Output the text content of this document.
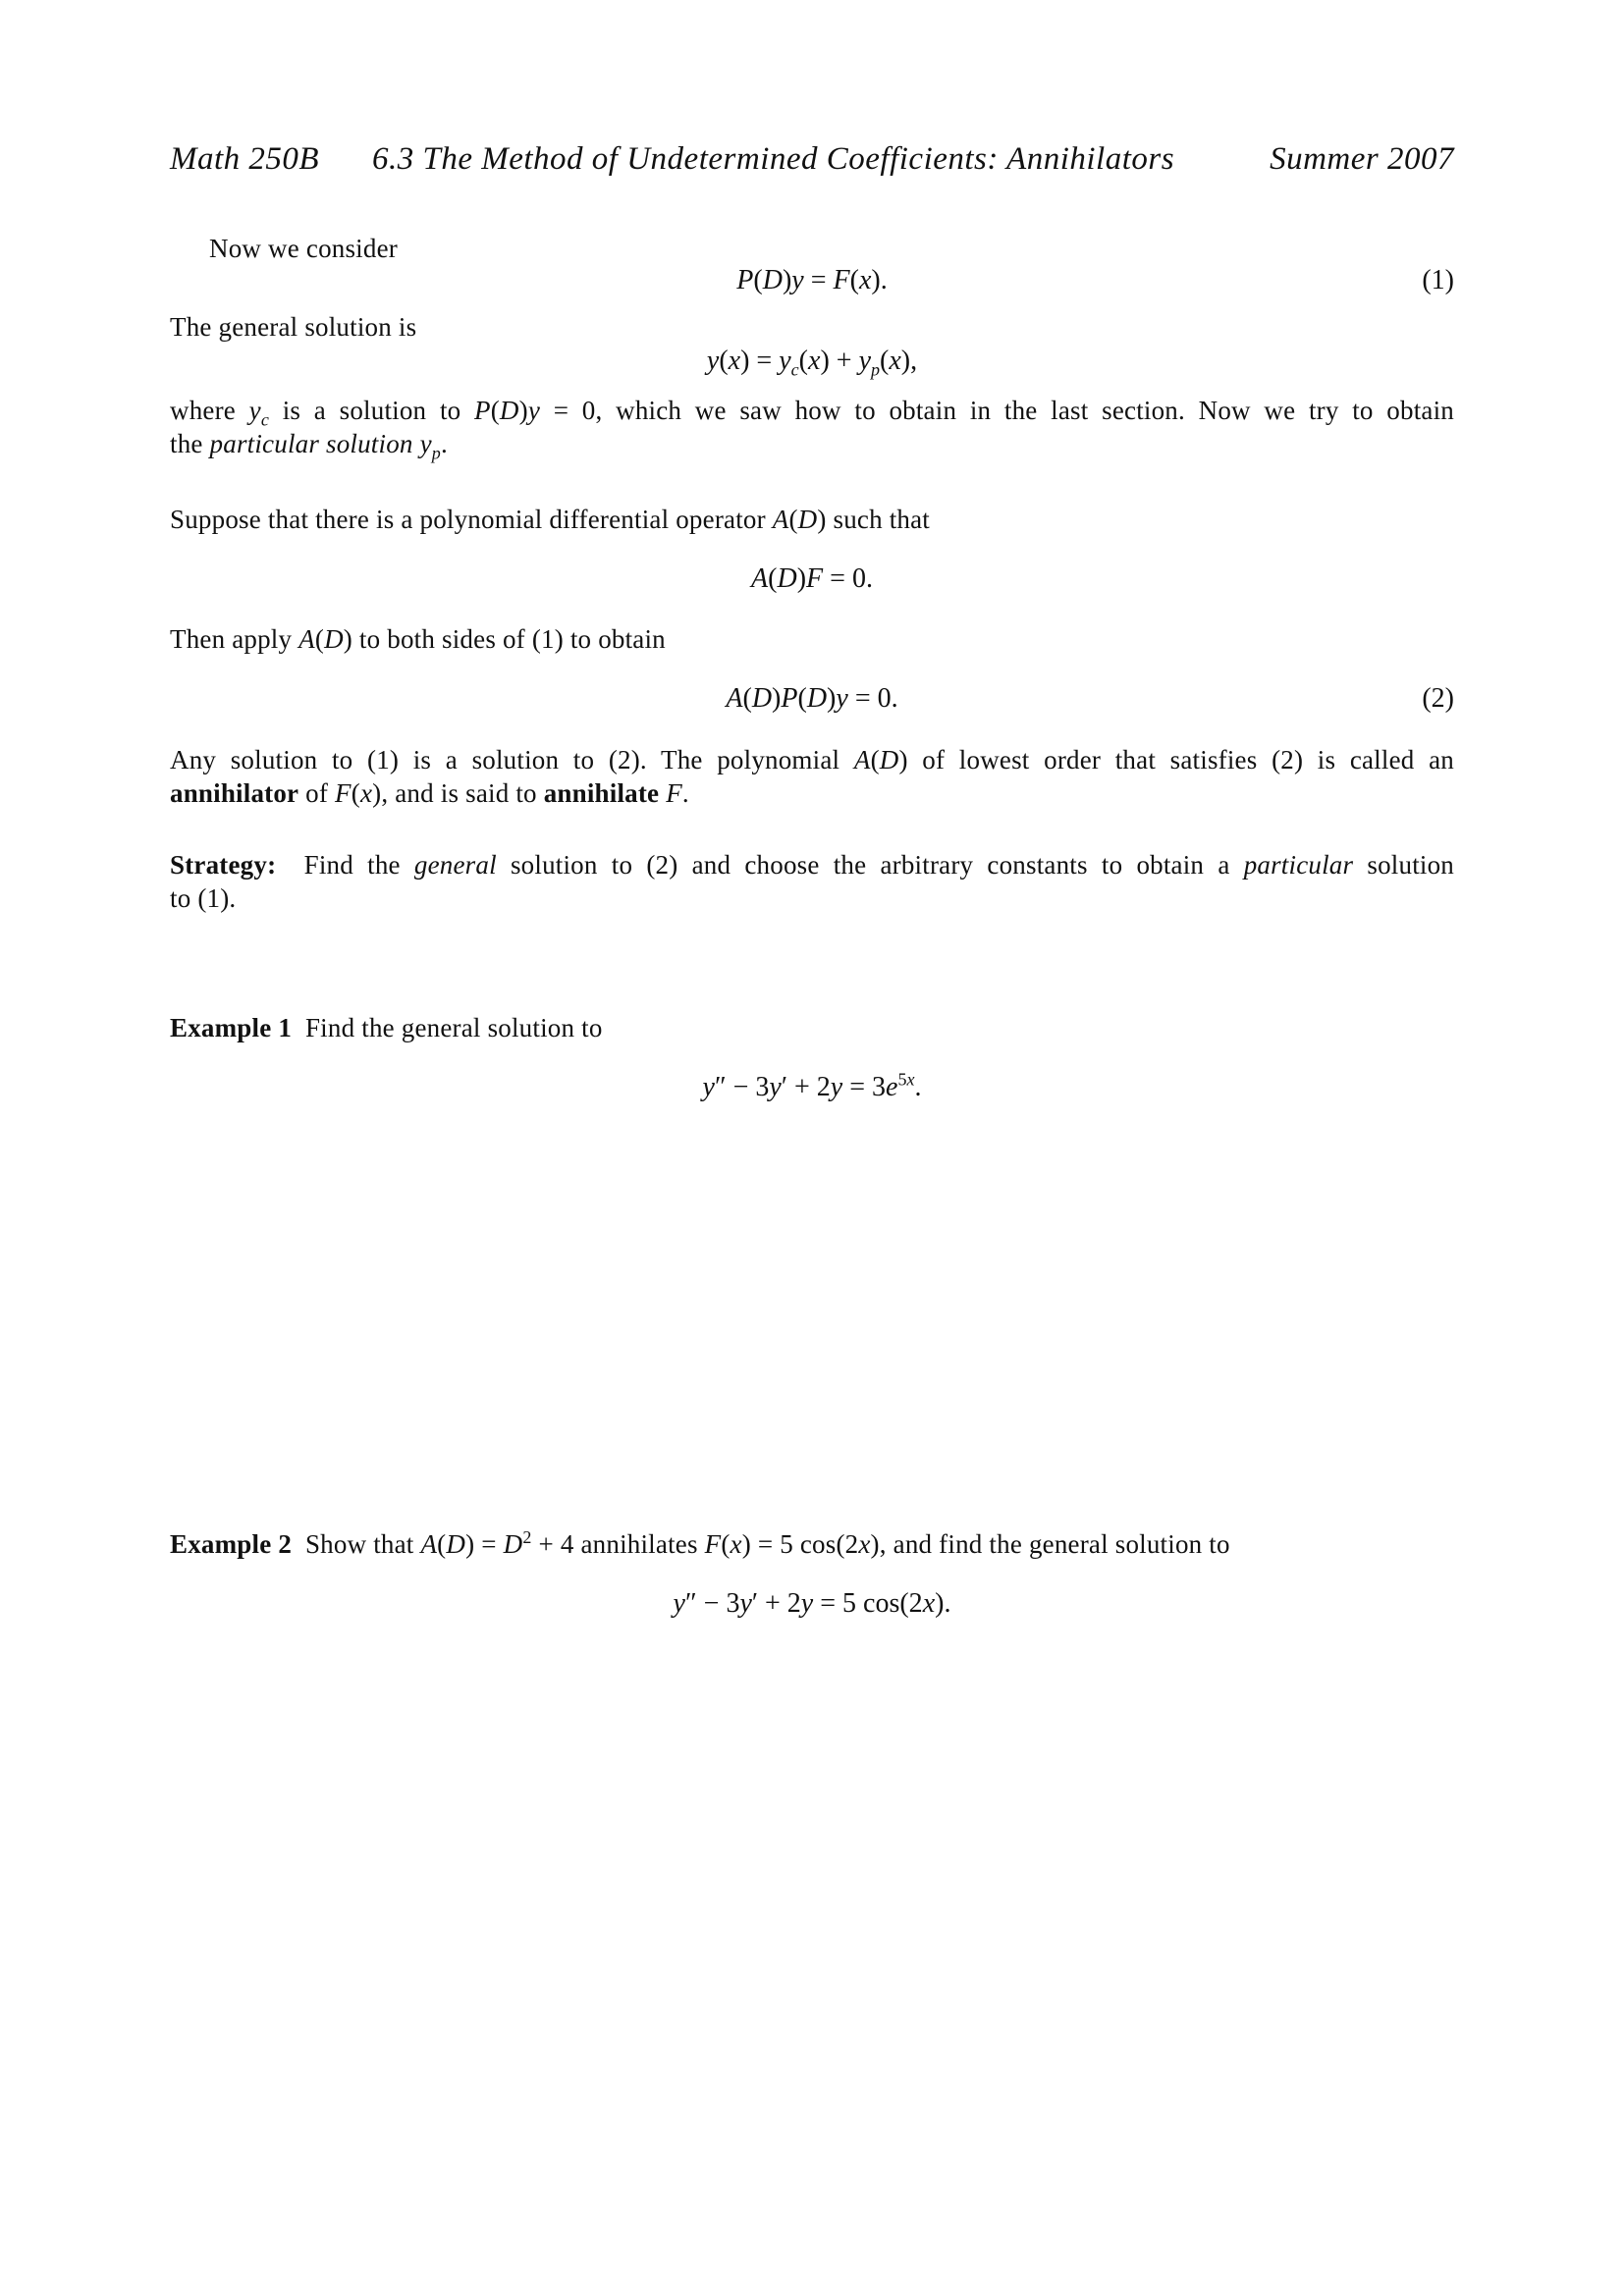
Math 250B 6.3 The Method of Undetermined Coefficients: Annihilators	Summer 2007
Now we consider
P(D)y = F(x).	(1)
The general solution is
$y(x) = y_c(x) + y_p(x)$,
where $y_c$ is a solution to P(D)y = 0, which we saw how to obtain in the last section. Now we try to obtain
the particular solution $y_p$.
Suppose that there is a polynomial differential operator A(D) such that
A(D)F = 0.
Then apply A(D) to both sides of (1) to obtain
A(D)P(D)y = 0.	(2)
Any solution to (1) is a solution to (2). The polynomial A(D) of lowest order that satisfies (2) is called an
annihilator of F(x), and is said to annihilate F.
Strategy:  Find the general solution to (2) and choose the arbitrary constants to obtain a particular solution
to (1).
Example 1 Find the general solution to
$y'' - 3y' + 2y = 3e^{5x}$.
Example 2  Show that $A(D) = D^2 + 4$ annihilates F(x) = 5 cos(2x), and find the general solution to
y″ − 3y′ + 2y = 5 cos(2x).
